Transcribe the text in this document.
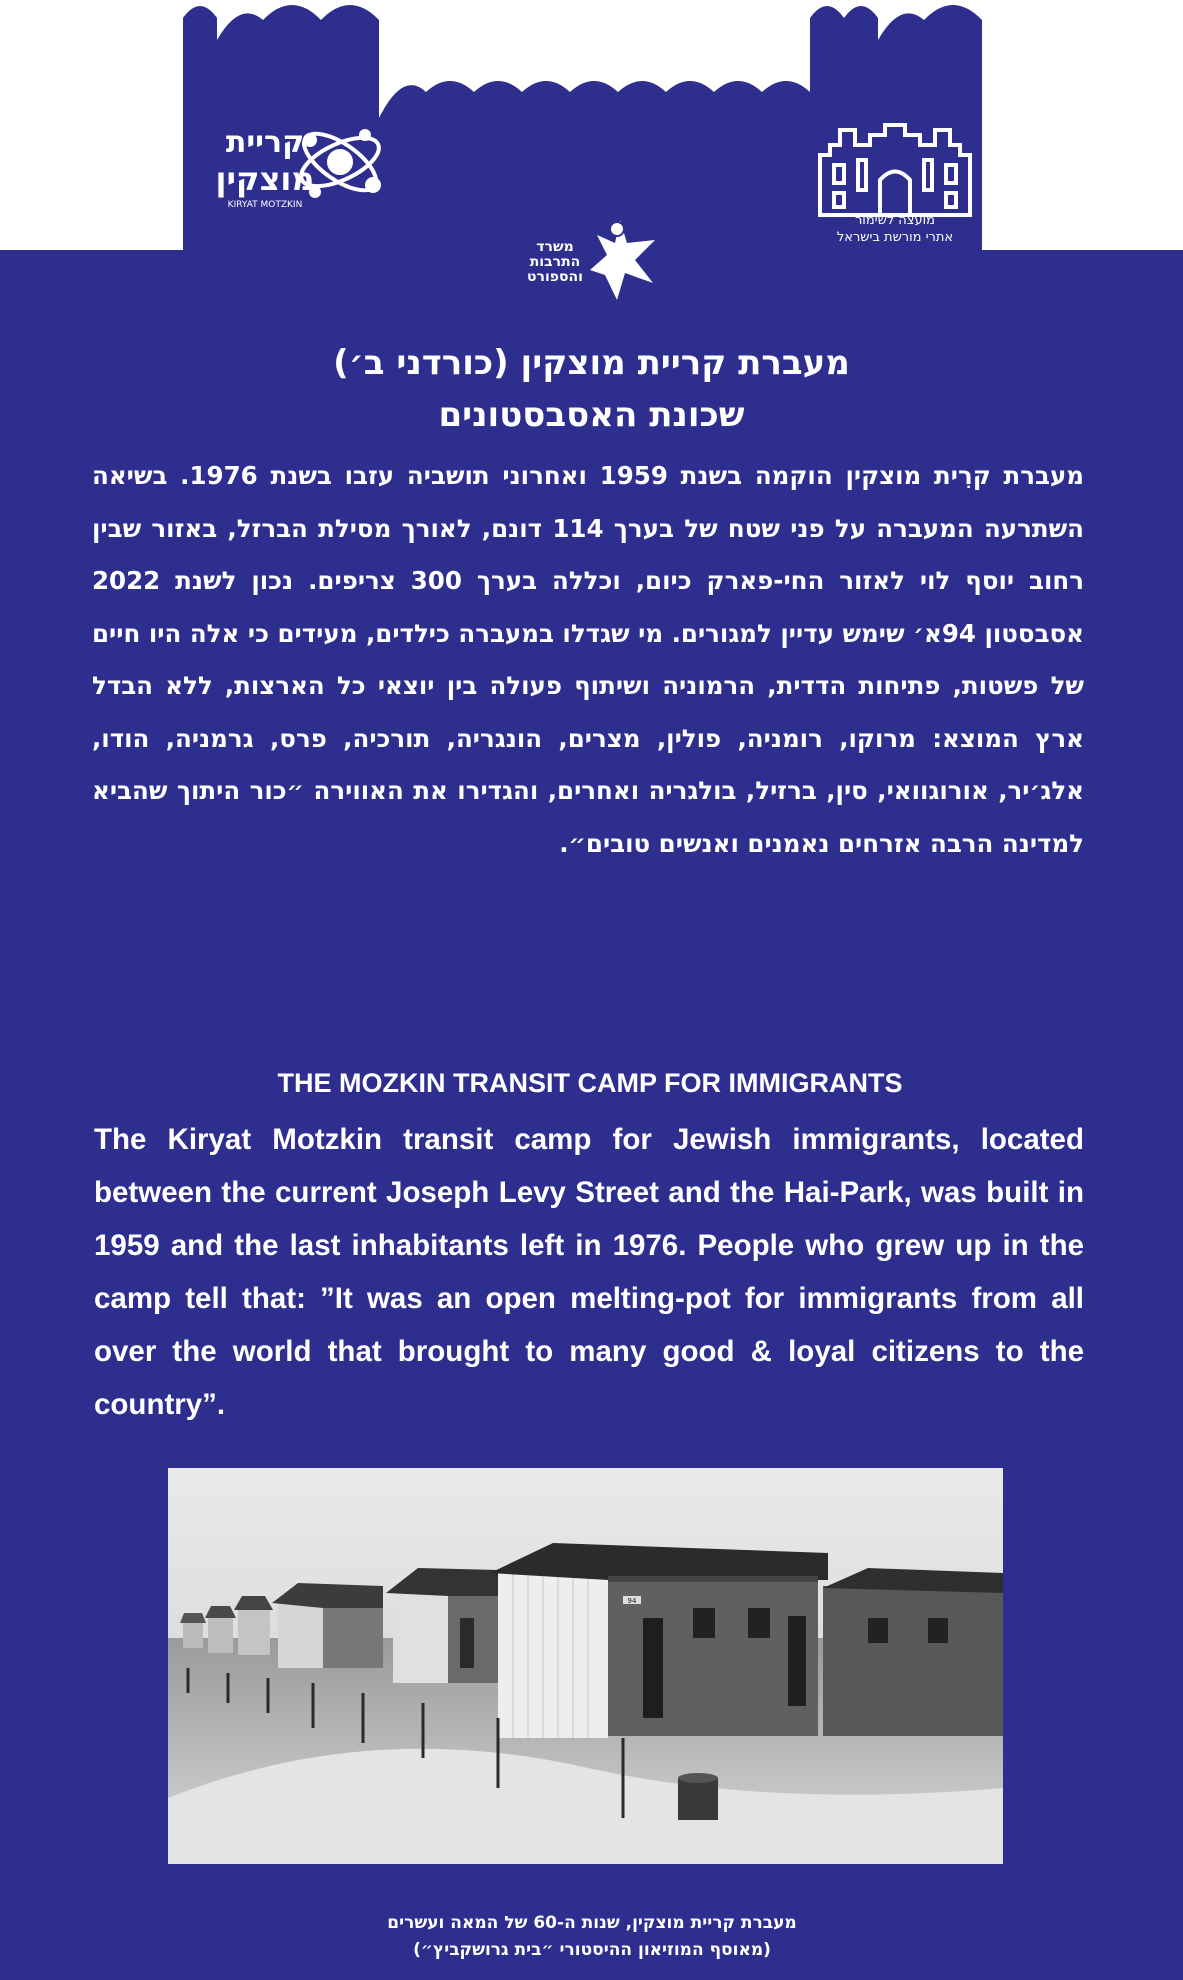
קריית
מוצקין
KIRYAT MOTZKIN
מועצה לשימור
אתרי מורשת בישראל
משרד
התרבות
והספורט
מעברת קריית מוצקין (כורדני ב׳)
שכונת האסבסטונים
מעברת קרִית מוצקין הוקמה בשנת 1959 ואחרוני תושביה עזבו בשנת 1976. בשיאה השתרעה המעברה על פני שטח של בערך 114 דונם, לאורך מסילת הברזל, באזור שבין רחוב יוסף לוי לאזור החי-פארק כיום, וכללה בערך 300 צריפים. נכון לשנת 2022 אסבסטון 94א׳ שימש עדיין למגורים. מי שגדלו במעברה כילדים, מעידים כי אלה היו חיים של פשטות, פתיחות הדדית, הרמוניה ושיתוף פעולה בין יוצאי כל הארצות, ללא הבדל ארץ המוצא: מרוקו, רומניה, פולין, מצרים, הונגריה, תורכיה, פרס, גרמניה, הודו, אלג׳יר, אורוגוואי, סין, ברזיל, בולגריה ואחרים, והגדירו את האווירה ״כור היתוך שהביא למדינה הרבה אזרחים נאמנים ואנשים טובים״.
THE MOZKIN TRANSIT CAMP FOR IMMIGRANTS
The Kiryat Motzkin transit camp for Jewish immigrants, located between the current Joseph Levy Street and the Hai-Park, was built in 1959 and the last inhabitants left in 1976. People who grew up in the camp tell that: ”It was an open melting-pot for immigrants from all over the world that brought to many good & loyal citizens to the country”.
94
מעברת קריית מוצקין, שנות ה-60 של המאה ועשרים
(מאוסף המוזיאון ההיסטורי ״בית גרושקביץ״)
